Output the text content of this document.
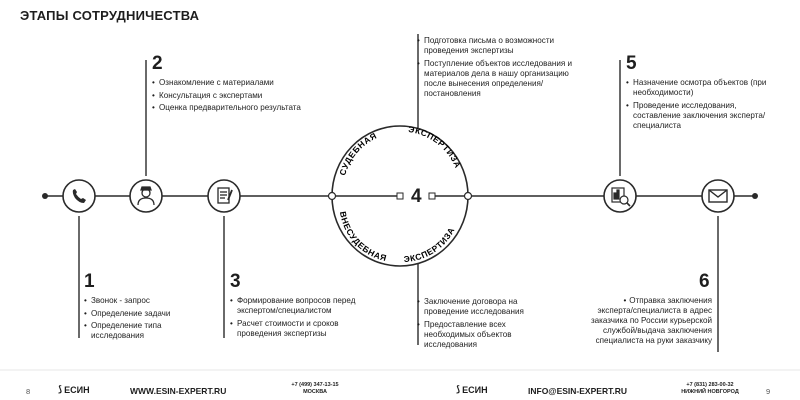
ЭТАПЫ СОТРУДНИЧЕСТВА
СУДЕБНАЯ
ЭКСПЕРТИЗА
ВНЕСУДЕБНАЯ ЭКСПЕРТИЗА
1
• Звонок - запрос
• Определение задачи
• Определение типа исследования
2
• Ознакомление с материалами
• Консультация с экспертами
• Оценка предварительного результата
3
• Формирование вопросов перед экспертом/специалистом
• Расчет стоимости и сроков проведения экспертизы
4
• Подготовка письма о возможности проведения экспертизы
• Поступление объектов исследования и материалов дела в нашу организацию после вынесения определения/постановления
• Заключение договора на проведение исследования
• Предоставление всех необходимых объектов исследования
5
• Назначение осмотра объектов (при необходимости)
• Проведение исследования, составление заключения эксперта/специалиста
6
• Отправка заключения эксперта/специалиста в адрес заказчика по России курьерской службой/выдача заключения специалиста на руки заказчику
8	⟆ ЕСИН	WWW.ESIN-EXPERT.RU
+7 (499) 347-13-15
МОСКВА	⟆ ЕСИН	INFO@ESIN-EXPERT.RU
+7 (831) 283-00-32
НИЖНИЙ НОВГОРОД	9
